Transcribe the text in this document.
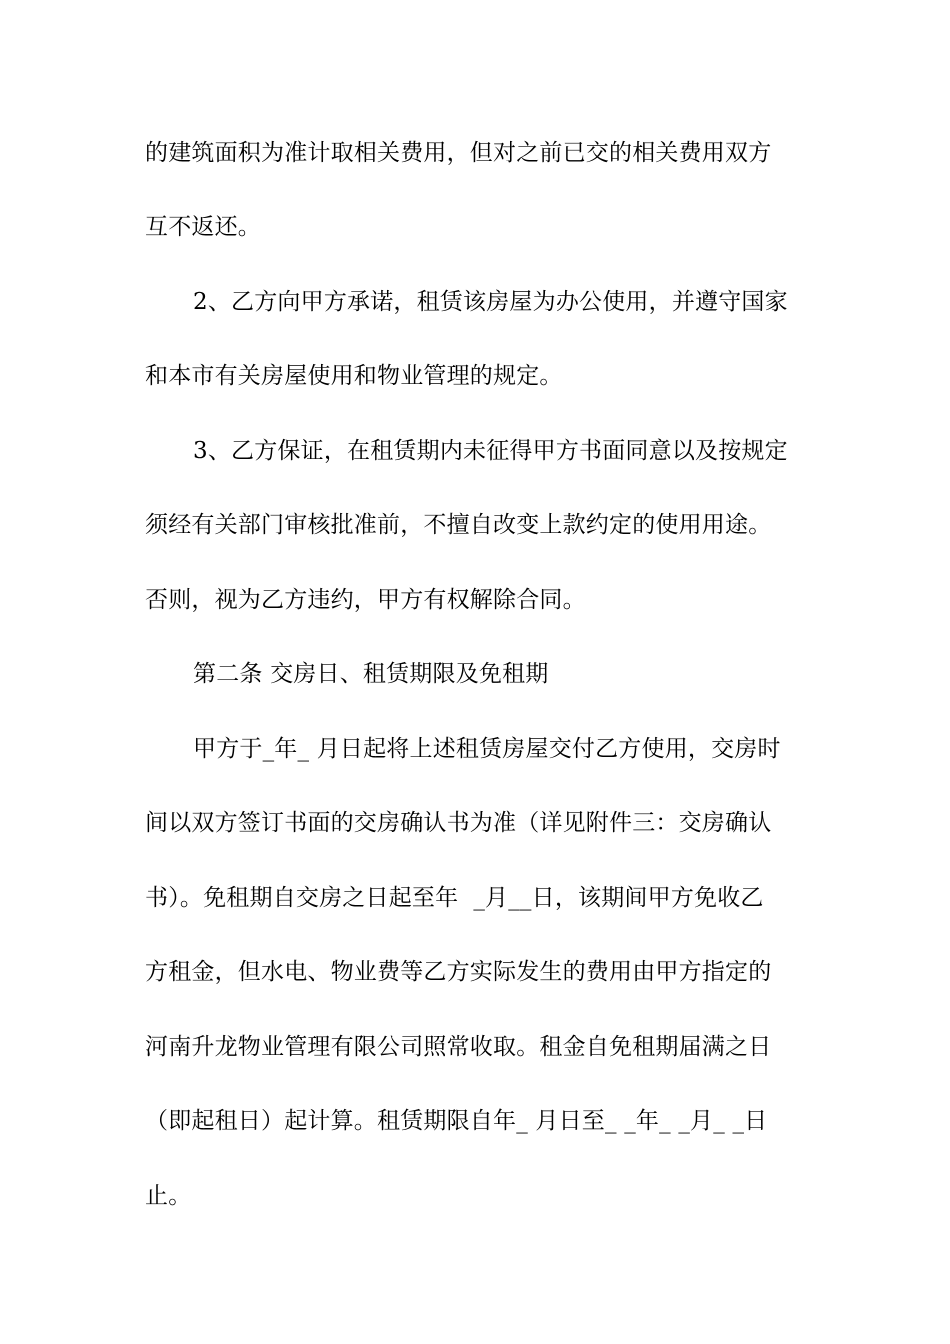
的建筑面积为准计取相关费用，但对之前已交的相关费用双方
互不返还。
2、乙方向甲方承诺，租赁该房屋为办公使用，并遵守国家
和本市有关房屋使用和物业管理的规定。
3、乙方保证，在租赁期内未征得甲方书面同意以及按规定
须经有关部门审核批准前，不擅自改变上款约定的使用用途。
否则，视为乙方违约，甲方有权解除合同。
第二条 交房日、租赁期限及免租期
甲方于_年_ 月日起将上述租赁房屋交付乙方使用，交房时
间以双方签订书面的交房确认书为准（详见附件三：交房确认
书）。免租期自交房之日起至年  _月__日，该期间甲方免收乙
方租金，但水电、物业费等乙方实际发生的费用由甲方指定的
河南升龙物业管理有限公司照常收取。租金自免租期届满之日
（即起租日）起计算。租赁期限自年_ 月日至_ _年_ _月_ _日
止。
